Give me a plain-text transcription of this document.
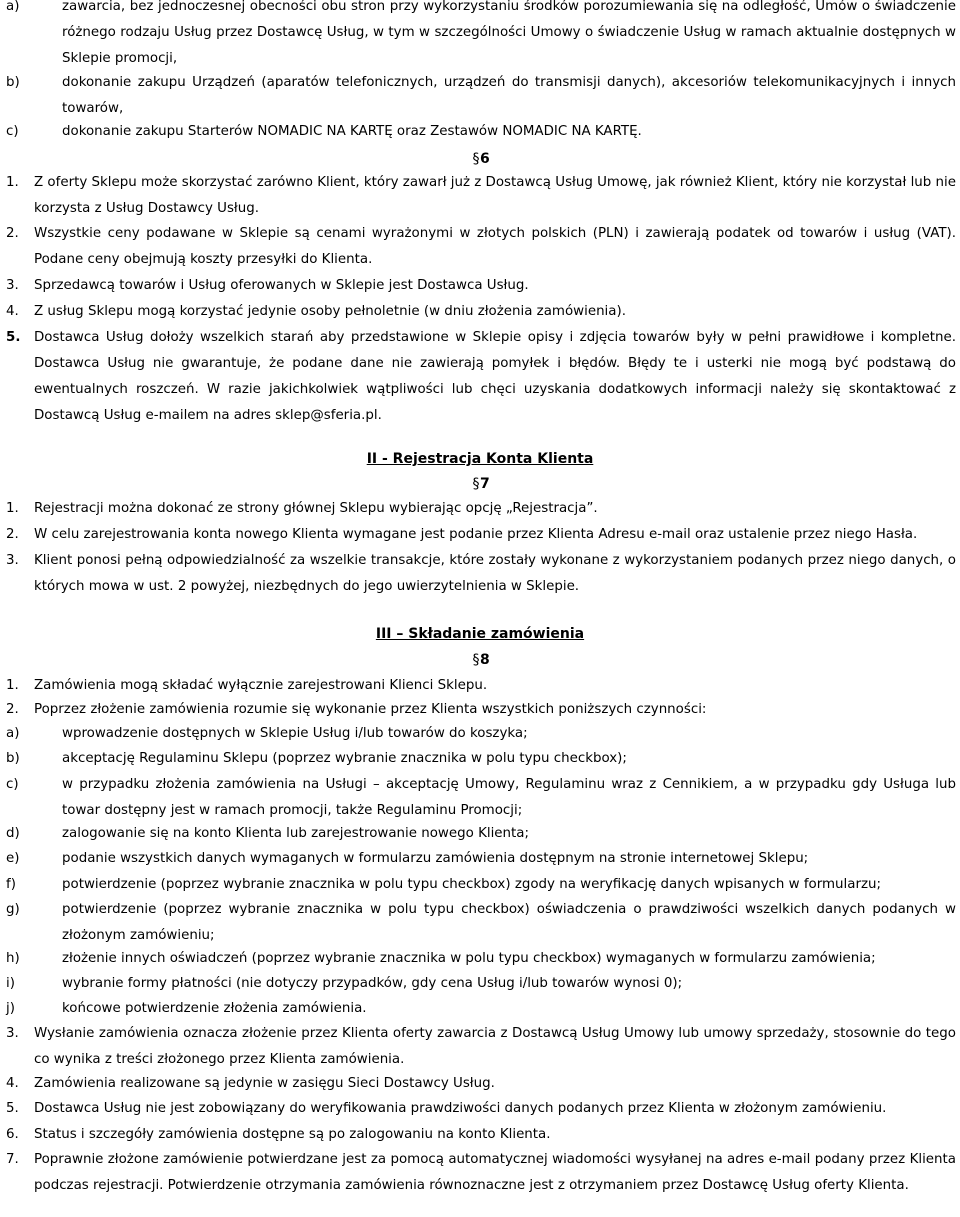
a)	zawarcia, bez jednoczesnej obecności obu stron przy wykorzystaniu środków porozumiewania się na odległość, Umów o świadczenie różnego rodzaju Usług przez Dostawcę Usług, w tym w szczególności Umowy o świadczenie Usług w ramach aktualnie dostępnych w Sklepie promocji,
b)	dokonanie zakupu Urządzeń (aparatów telefonicznych, urządzeń do transmisji danych), akcesoriów telekomunikacyjnych i innych towarów,
c)	dokonanie zakupu Starterów NOMADIC NA KARTĘ oraz Zestawów NOMADIC NA KARTĘ.
§ 6
1. Z oferty Sklepu może skorzystać zarówno Klient, który zawarł już z Dostawcą Usług Umowę, jak również Klient, który nie korzystał lub nie korzysta z Usług Dostawcy Usług.
2. Wszystkie ceny podawane w Sklepie są cenami wyrażonymi w złotych polskich (PLN) i zawierają podatek od towarów i usług (VAT). Podane ceny obejmują koszty przesyłki do Klienta.
3. Sprzedawcą towarów i Usług oferowanych w Sklepie jest Dostawca Usług.
4. Z usług Sklepu mogą korzystać jedynie osoby pełnoletnie (w dniu złożenia zamówienia).
5. Dostawca Usług dołoży wszelkich starań aby przedstawione w Sklepie opisy i zdjęcia towarów były w pełni prawidłowe i kompletne. Dostawca Usług nie gwarantuje, że podane dane nie zawierają pomyłek i błędów. Błędy te i usterki nie mogą być podstawą do ewentualnych roszczeń. W razie jakichkolwiek wątpliwości lub chęci uzyskania dodatkowych informacji należy się skontaktować z Dostawcą Usług e-mailem na adres sklep@sferia.pl.
II - Rejestracja Konta Klienta
§ 7
1. Rejestracji można dokonać ze strony głównej Sklepu wybierając opcję „Rejestracja”.
2. W celu zarejestrowania konta nowego Klienta wymagane jest podanie przez Klienta Adresu e-mail oraz ustalenie przez niego Hasła.
3. Klient ponosi pełną odpowiedzialność za wszelkie transakcje, które zostały wykonane z wykorzystaniem podanych przez niego danych, o których mowa w ust. 2 powyżej, niezbędnych do jego uwierzytelnienia w Sklepie.
III – Składanie zamówienia
§ 8
1. Zamówienia mogą składać wyłącznie zarejestrowani Klienci Sklepu.
2. Poprzez złożenie zamówienia rozumie się wykonanie przez Klienta wszystkich poniższych czynności:
a)	wprowadzenie dostępnych w Sklepie Usług i/lub towarów do koszyka;
b)	akceptację Regulaminu Sklepu (poprzez wybranie znacznika w polu typu checkbox);
c)	w przypadku złożenia zamówienia na Usługi – akceptację Umowy, Regulaminu wraz z Cennikiem, a w przypadku gdy Usługa lub towar dostępny jest w ramach promocji, także Regulaminu Promocji;
d)	zalogowanie się na konto Klienta lub zarejestrowanie nowego Klienta;
e)	podanie wszystkich danych wymaganych w formularzu zamówienia dostępnym na stronie internetowej Sklepu;
f)	potwierdzenie (poprzez wybranie znacznika w polu typu checkbox) zgody na weryfikację danych wpisanych w formularzu;
g)	potwierdzenie (poprzez wybranie znacznika w polu typu checkbox) oświadczenia o prawdziwości wszelkich danych podanych w złożonym zamówieniu;
h)	złożenie innych oświadczeń (poprzez wybranie znacznika w polu typu checkbox) wymaganych w formularzu zamówienia;
i)	wybranie formy płatności (nie dotyczy przypadków, gdy cena Usług i/lub towarów wynosi 0);
j)	końcowe potwierdzenie złożenia zamówienia.
3. Wysłanie zamówienia oznacza złożenie przez Klienta oferty zawarcia z Dostawcą Usług Umowy lub umowy sprzedaży, stosownie do tego co wynika z treści złożonego przez Klienta zamówienia.
4. Zamówienia realizowane są jedynie w zasięgu Sieci Dostawcy Usług.
5. Dostawca Usług nie jest zobowiązany do weryfikowania prawdziwości danych podanych przez Klienta w złożonym zamówieniu.
6. Status i szczegóły zamówienia dostępne są po zalogowaniu na konto Klienta.
7. Poprawnie złożone zamówienie potwierdzane jest za pomocą automatycznej wiadomości wysyłanej na adres e-mail podany przez Klienta podczas rejestracji. Potwierdzenie otrzymania zamówienia równoznaczne jest z otrzymaniem przez Dostawcę Usług oferty Klienta.
